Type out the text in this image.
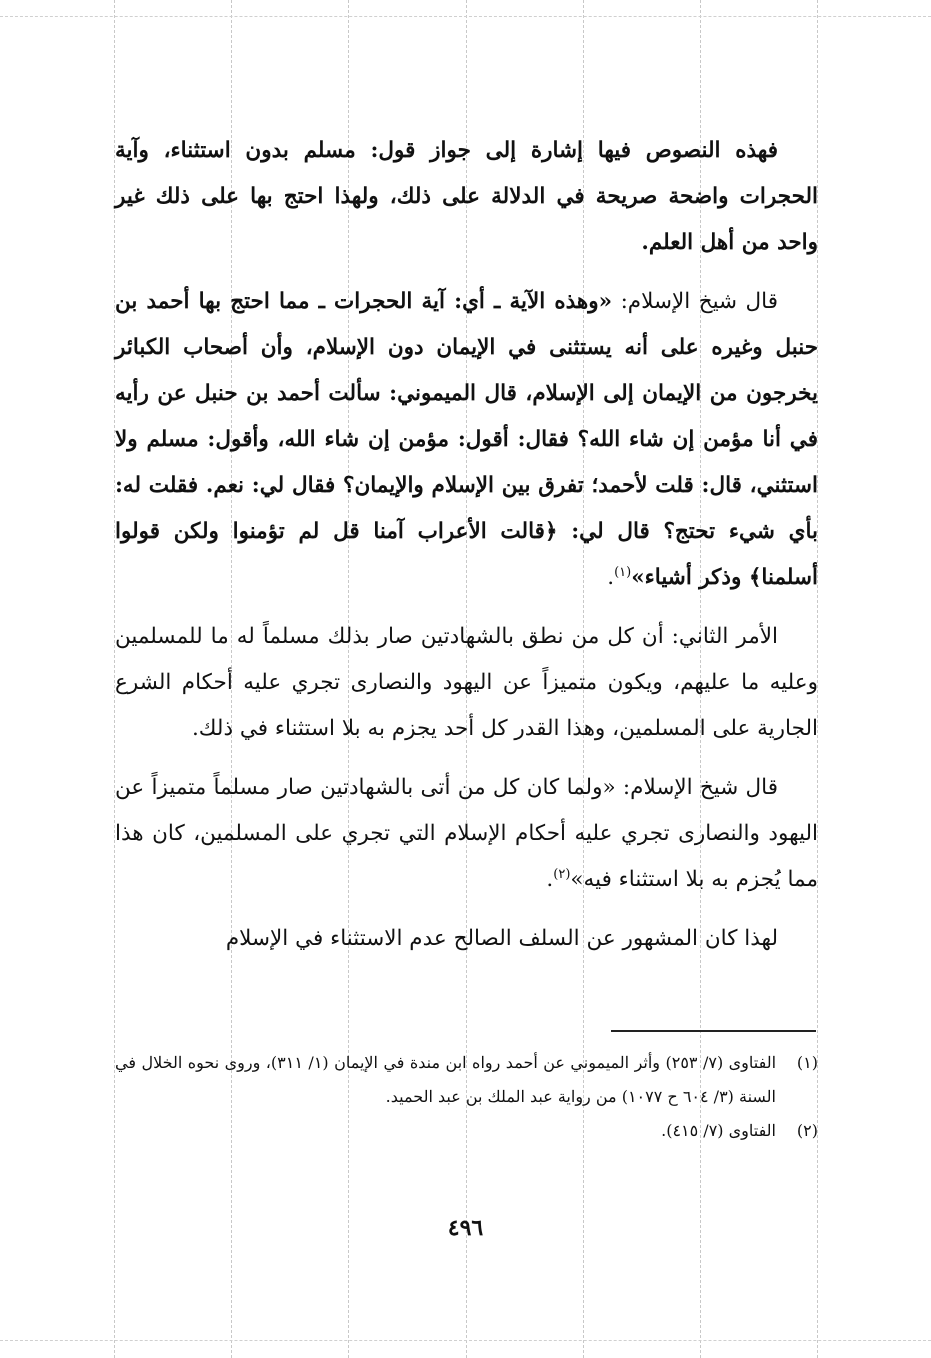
فهذه النصوص فيها إشارة إلى جواز قول: مسلم بدون استثناء، وآية الحجرات واضحة صريحة في الدلالة على ذلك، ولهذا احتج بها على ذلك غير واحد من أهل العلم.

قال شيخ الإسلام: «وهذه الآية ـ أي: آية الحجرات ـ مما احتج بها أحمد بن حنبل وغيره على أنه يستثنى في الإيمان دون الإسلام، وأن أصحاب الكبائر يخرجون من الإيمان إلى الإسلام، قال الميموني: سألت أحمد بن حنبل عن رأيه في أنا مؤمن إن شاء الله؟ فقال: أقول: مؤمن إن شاء الله، وأقول: مسلم ولا استثني، قال: قلت لأحمد؛ تفرق بين الإسلام والإيمان؟ فقال لي: نعم. فقلت له: بأي شيء تحتج؟ قال لي: ﴿قالت الأعراب آمنا قل لم تؤمنوا ولكن قولوا أسلمنا﴾ وذكر أشياء»$^{(١)}$.

الأمر الثاني: أن كل من نطق بالشهادتين صار بذلك مسلماً له ما للمسلمين وعليه ما عليهم، ويكون متميزاً عن اليهود والنصارى تجري عليه أحكام الشرع الجارية على المسلمين، وهذا القدر كل أحد يجزم به بلا استثناء في ذلك.

قال شيخ الإسلام: «ولما كان كل من أتى بالشهادتين صار مسلماً متميزاً عن اليهود والنصارى تجري عليه أحكام الإسلام التي تجري على المسلمين، كان هذا مما يُجزم به بلا استثناء فيه»$^{(٢)}$.

لهذا كان المشهور عن السلف الصالح عدم الاستثناء في الإسلام

(١)
الفتاوى (٧/ ٢٥٣) وأثر الميموني عن أحمد رواه ابن مندة في الإيمان (١/ ٣١١)، وروى نحوه الخلال في السنة (٣/ ٦٠٤ ح ١٠٧٧) من رواية عبد الملك بن عبد الحميد.

(٢)
الفتاوى (٧/ ٤١٥).

٤٩٦
